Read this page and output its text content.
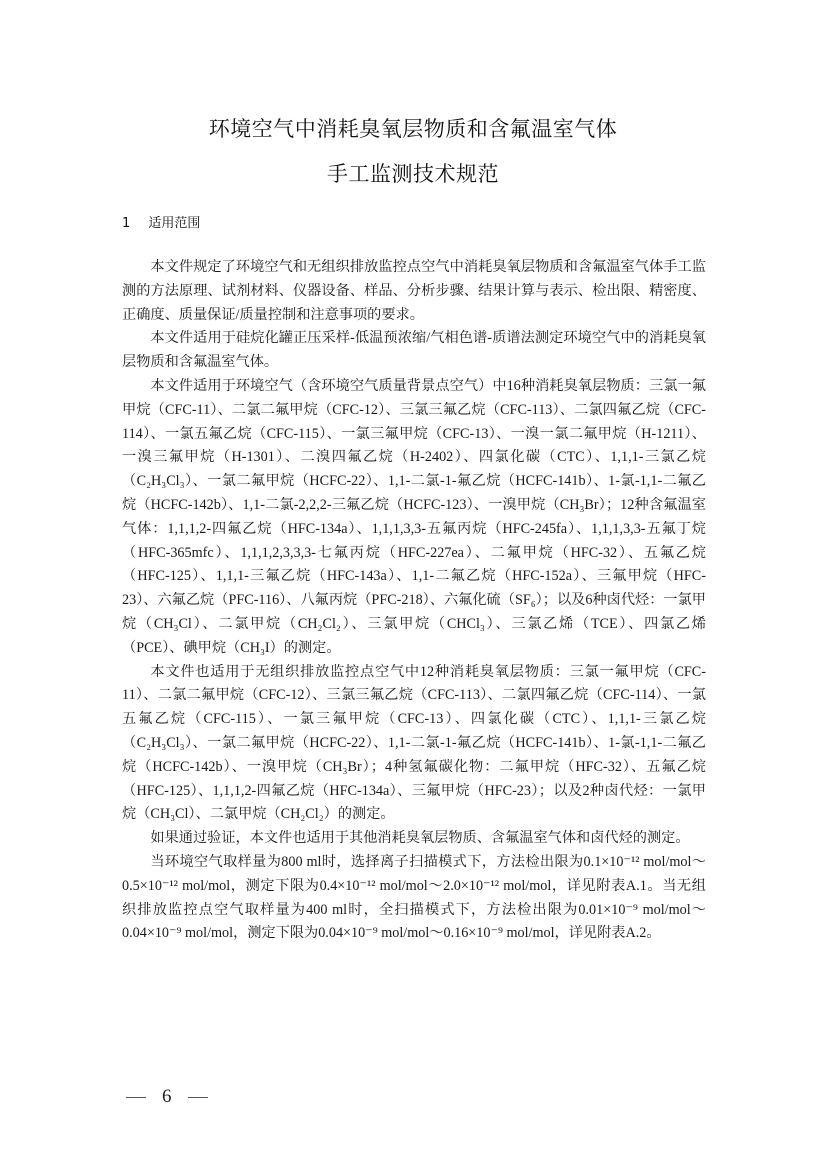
环境空气中消耗臭氧层物质和含氟温室气体
手工监测技术规范
1 适用范围

本文件规定了环境空气和无组织排放监控点空气中消耗臭氧层物质和含氟温室气体手工监测的方法原理、试剂材料、仪器设备、样品、分析步骤、结果计算与表示、检出限、精密度、正确度、质量保证/质量控制和注意事项的要求。

本文件适用于硅烷化罐正压采样-低温预浓缩/气相色谱-质谱法测定环境空气中的消耗臭氧层物质和含氟温室气体。

本文件适用于环境空气（含环境空气质量背景点空气）中16种消耗臭氧层物质：三氯一氟甲烷（CFC-11）、二氯二氟甲烷（CFC-12）、三氯三氟乙烷（CFC-113）、二氯四氟乙烷（CFC-114）、一氯五氟乙烷（CFC-115）、一氯三氟甲烷（CFC-13）、一溴一氯二氟甲烷（H-1211）、一溴三氟甲烷（H-1301）、二溴四氟乙烷（H-2402）、四氯化碳（CTC）、1,1,1-三氯乙烷（C₂H₃Cl₃）、一氯二氟甲烷（HCFC-22）、1,1-二氯-1-氟乙烷（HCFC-141b）、1-氯-1,1-二氟乙烷（HCFC-142b）、1,1-二氯-2,2,2-三氟乙烷（HCFC-123）、一溴甲烷（CH₃Br）；12种含氟温室气体：1,1,1,2-四氟乙烷（HFC-134a）、1,1,1,3,3-五氟丙烷（HFC-245fa）、1,1,1,3,3-五氟丁烷（HFC-365mfc）、1,1,1,2,3,3,3-七氟丙烷（HFC-227ea）、二氟甲烷（HFC-32）、五氟乙烷（HFC-125）、1,1,1-三氟乙烷（HFC-143a）、1,1-二氟乙烷（HFC-152a）、三氟甲烷（HFC-23）、六氟乙烷（PFC-116）、八氟丙烷（PFC-218）、六氟化硫（SF₆）；以及6种卤代烃：一氯甲烷（CH₃Cl）、二氯甲烷（CH₂Cl₂）、三氯甲烷（CHCl₃）、三氯乙烯（TCE）、四氯乙烯（PCE）、碘甲烷（CH₃I）的测定。

本文件也适用于无组织排放监控点空气中12种消耗臭氧层物质：三氯一氟甲烷（CFC-11）、二氯二氟甲烷（CFC-12）、三氯三氟乙烷（CFC-113）、二氯四氟乙烷（CFC-114）、一氯五氟乙烷（CFC-115）、一氯三氟甲烷（CFC-13）、四氯化碳（CTC）、1,1,1-三氯乙烷（C₂H₃Cl₃）、一氯二氟甲烷（HCFC-22）、1,1-二氯-1-氟乙烷（HCFC-141b）、1-氯-1,1-二氟乙烷（HCFC-142b）、一溴甲烷（CH₃Br）；4种氢氟碳化物：二氟甲烷（HFC-32）、五氟乙烷（HFC-125）、1,1,1,2-四氟乙烷（HFC-134a）、三氟甲烷（HFC-23）；以及2种卤代烃：一氯甲烷（CH₃Cl）、二氯甲烷（CH₂Cl₂）的测定。

如果通过验证，本文件也适用于其他消耗臭氧层物质、含氟温室气体和卤代烃的测定。

当环境空气取样量为800 ml时，选择离子扫描模式下，方法检出限为0.1×10⁻¹² mol/mol～0.5×10⁻¹² mol/mol，测定下限为0.4×10⁻¹² mol/mol～2.0×10⁻¹² mol/mol，详见附表A.1。当无组织排放监控点空气取样量为400 ml时，全扫描模式下，方法检出限为0.01×10⁻⁹ mol/mol～0.04×10⁻⁹ mol/mol，测定下限为0.04×10⁻⁹ mol/mol～0.16×10⁻⁹ mol/mol，详见附表A.2。

6
